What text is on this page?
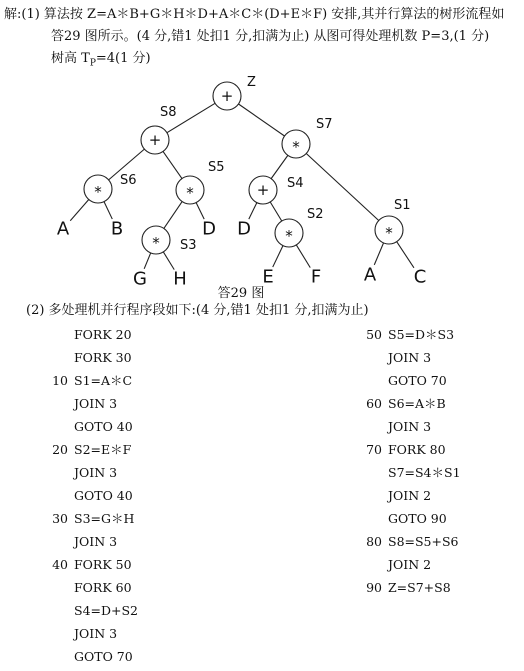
解:(1) 算法按 Z=A＊B+G＊H＊D+A＊C＊(D+E＊F) 安排,其并行算法的树形流程如
答29 图所示。(4 分,错1 处扣1 分,扣满为止) 从图可得处理机数 P=3,(1 分)
树高 $T_P=4(1$ 分)
+
Z
+
S8
*
S7
*
S6
*
S5
+ S4
*
S1
* S3
*
S2
A B	D
G H
D
E F A C
答29 图
(2) 多处理机并行程序段如下:(4 分,错1 处扣1 分,扣满为止)
FORK 20
FORK 30
10 S1=A＊C
JOIN 3
GOTO 40
20 S2=E＊F
JOIN 3
GOTO 40
30 S3=G＊H
JOIN 3
40 FORK 50
FORK 60
S4=D+S2
JOIN 3
GOTO 70
50 S5=D＊S3
JOIN 3
GOTO 70
60 S6=A＊B
JOIN 3
70 FORK 80
S7=S4＊S1
JOIN 2
GOTO 90
80 S8=S5+S6
JOIN 2
90 Z=S7+S8
